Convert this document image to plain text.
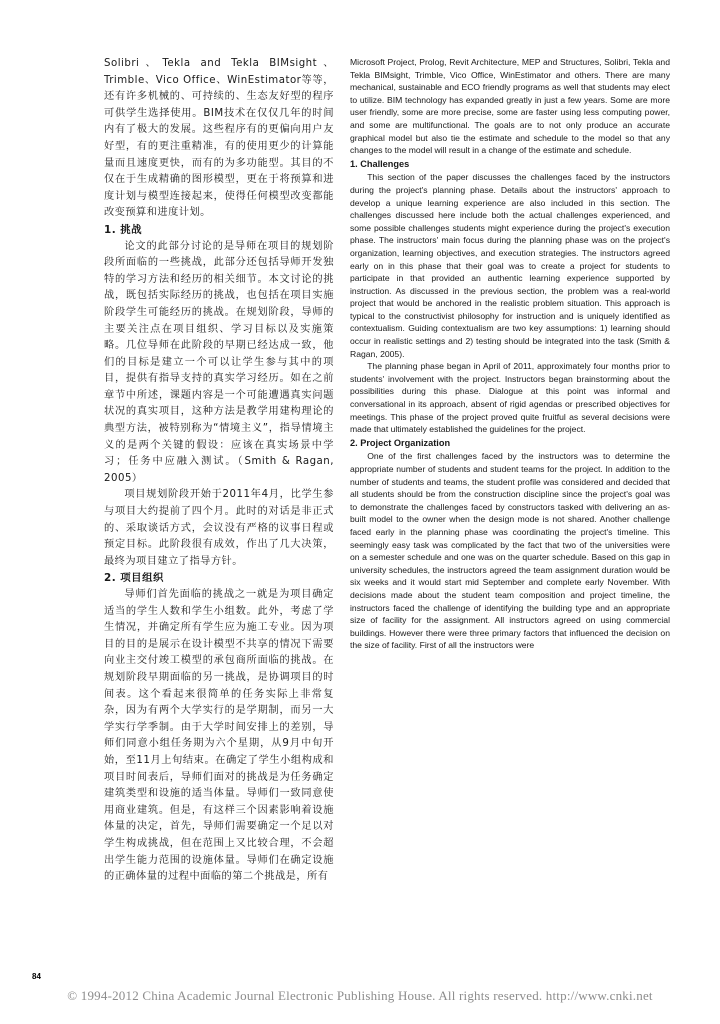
Solibri、Tekla and Tekla BIMsight、Trimble、Vico Office、WinEstimator等等，还有许多机械的、可持续的、生态友好型的程序可供学生选择使用。BIM技术在仅仅几年的时间内有了极大的发展。这些程序有的更偏向用户友好型，有的更注重精准，有的使用更少的计算能量而且速度更快，而有的为多功能型。其目的不仅在于生成精确的图形模型，更在于将预算和进度计划与模型连接起来，使得任何模型改变都能改变预算和进度计划。

1. 挑战

论文的此部分讨论的是导师在项目的规划阶段所面临的一些挑战，此部分还包括导师开发独特的学习方法和经历的相关细节。本文讨论的挑战，既包括实际经历的挑战，也包括在项目实施阶段学生可能经历的挑战。在规划阶段，导师的主要关注点在项目组织、学习目标以及实施策略。几位导师在此阶段的早期已经达成一致，他们的目标是建立一个可以让学生参与其中的项目，提供有指导支持的真实学习经历。如在之前章节中所述，课题内容是一个可能遭遇真实问题状况的真实项目，这种方法是教学用建构理论的典型方法，被特别称为“情境主义”，指导情境主义的是两个关键的假设：应该在真实场景中学习；任务中应融入测试。（Smith & Ragan, 2005）

项目规划阶段开始于2011年4月，比学生参与项目大约提前了四个月。此时的对话是非正式的、采取谈话方式，会议没有严格的议事日程或预定目标。此阶段很有成效，作出了几大决策，最终为项目建立了指导方针。

2. 项目组织

导师们首先面临的挑战之一就是为项目确定适当的学生人数和学生小组数。此外，考虑了学生情况，并确定所有学生应为施工专业。因为项目的目的是展示在设计模型不共享的情况下需要向业主交付竣工模型的承包商所面临的挑战。在规划阶段早期面临的另一挑战，是协调项目的时间表。这个看起来很简单的任务实际上非常复杂，因为有两个大学实行的是学期制，而另一大学实行学季制。由于大学时间安排上的差别，导师们同意小组任务期为六个星期，从9月中旬开始，至11月上旬结束。在确定了学生小组构成和项目时间表后，导师们面对的挑战是为任务确定建筑类型和设施的适当体量。导师们一致同意使用商业建筑。但是，有这样三个因素影响着设施体量的决定，首先，导师们需要确定一个足以对学生构成挑战，但在范围上又比较合理，不会超出学生能力范围的设施体量。导师们在确定设施的正确体量的过程中面临的第二个挑战是，所有

Microsoft Project, Prolog, Revit Architecture, MEP and Structures, Solibri, Tekla and Tekla BIMsight, Trimble, Vico Office, WinEstimator and others. There are many mechanical, sustainable and ECO friendly programs as well that students may elect to utilize. BIM technology has expanded greatly in just a few years. Some are more user friendly, some are more precise, some are faster using less computing power, and some are multifunctional. The goals are to not only produce an accurate graphical model but also tie the estimate and schedule to the model so that any changes to the model will result in a change of the estimate and schedule.

1. Challenges

This section of the paper discusses the challenges faced by the instructors during the project's planning phase. Details about the instructors' approach to develop a unique learning experience are also included in this section. The challenges discussed here include both the actual challenges experienced, and some possible challenges students might experience during the project's execution phase. The instructors' main focus during the planning phase was on the project's organization, learning objectives, and execution strategies. The instructors agreed early on in this phase that their goal was to create a project for students to participate in that provided an authentic learning experience supported by instruction. As discussed in the previous section, the problem was a real-world project that would be anchored in the realistic problem situation. This approach is typical to the constructivist philosophy for instruction and is uniquely identified as contextualism. Guiding contextualism are two key assumptions: 1) learning should occur in realistic settings and 2) testing should be integrated into the task (Smith & Ragan, 2005).

The planning phase began in April of 2011, approximately four months prior to students' involvement with the project. Instructors began brainstorming about the possibilities during this phase. Dialogue at this point was informal and conversational in its approach, absent of rigid agendas or prescribed objectives for meetings. This phase of the project proved quite fruitful as several decisions were made that ultimately established the guidelines for the project.

2. Project Organization

One of the first challenges faced by the instructors was to determine the appropriate number of students and student teams for the project. In addition to the number of students and teams, the student profile was considered and decided that all students should be from the construction discipline since the project's goal was to demonstrate the challenges faced by constructors tasked with delivering an as-built model to the owner when the design mode is not shared. Another challenge faced early in the planning phase was coordinating the project's timeline. This seemingly easy task was complicated by the fact that two of the universities were on a semester schedule and one was on the quarter schedule. Based on this gap in university schedules, the instructors agreed the team assignment duration would be six weeks and it would start mid September and complete early November. With decisions made about the student team composition and project timeline, the instructors faced the challenge of identifying the building type and an appropriate size of facility for the assignment. All instructors agreed on using commercial buildings. However there were three primary factors that influenced the decision on the size of facility. First of all the instructors were

84
© 1994-2012 China Academic Journal Electronic Publishing House. All rights reserved. http://www.cnki.net
